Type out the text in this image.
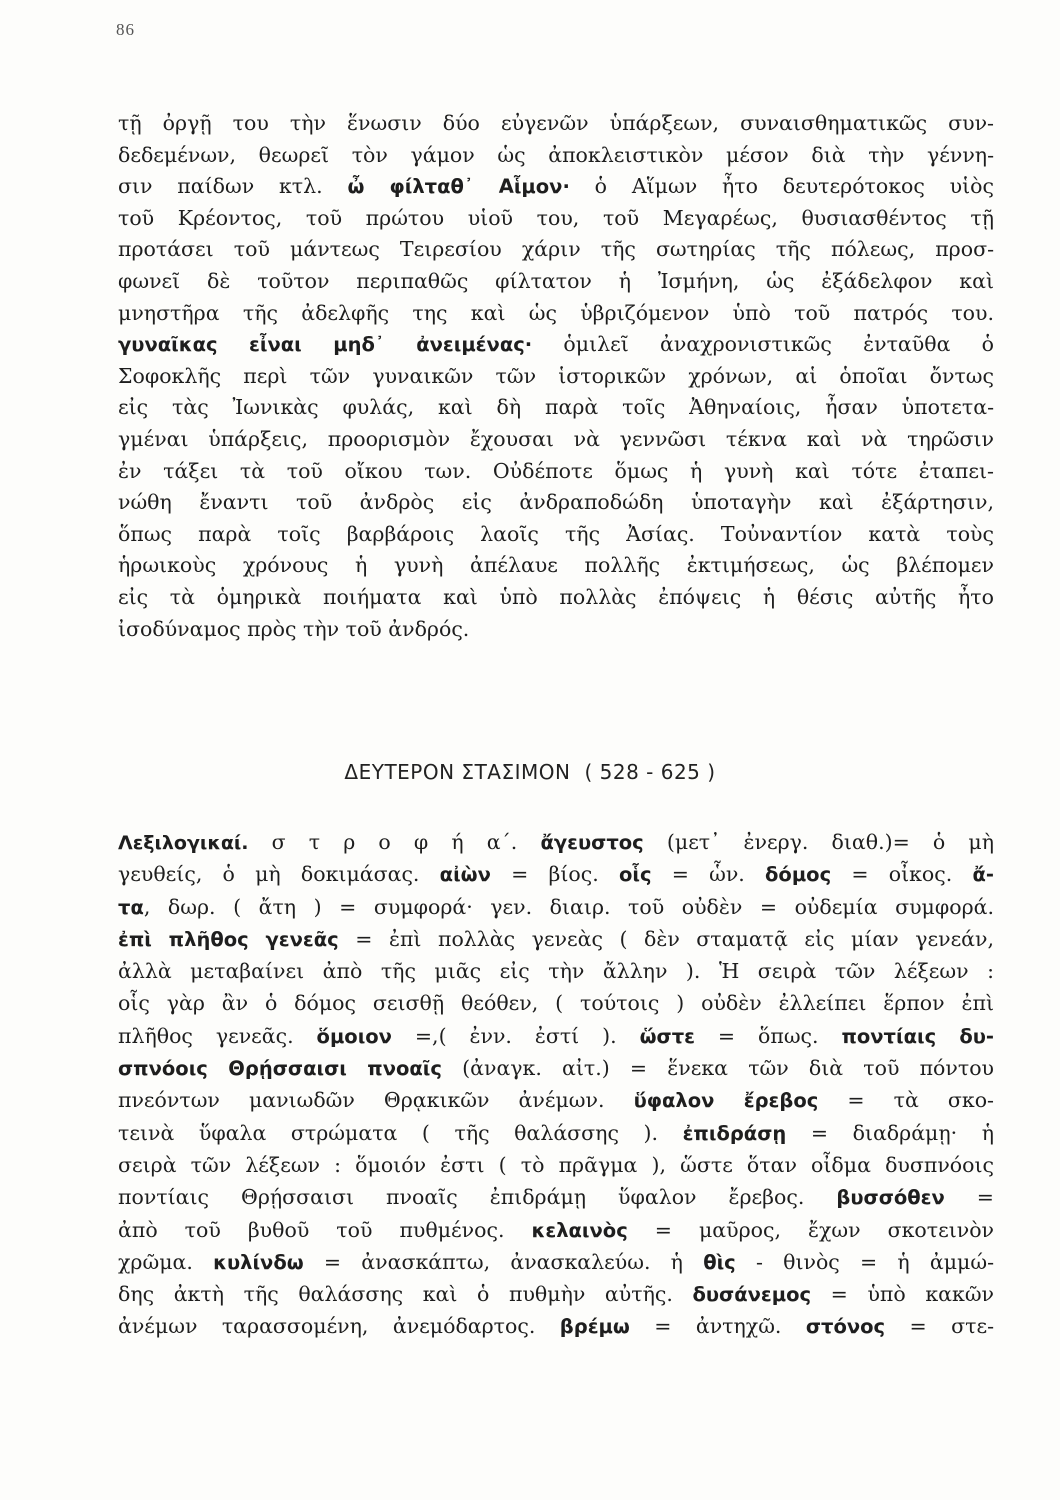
86
τῇ ὀργῇ του τὴν ἕνωσιν δύο εὐγενῶν ὑπάρξεων, συναισθηματικῶς συν-
δεδεμένων, θεωρεῖ τὸν γάμον ὡς ἀποκλειστικὸν μέσον διὰ τὴν γέννη-
σιν παίδων κτλ. ὦ φίλταθ᾽ Αἷμον· ὁ Αἵμων ἦτο δευτερότοκος υἱὸς
τοῦ Κρέοντος, τοῦ πρώτου υἱοῦ του, τοῦ Μεγαρέως, θυσιασθέντος τῇ
προτάσει τοῦ μάντεως Τειρεσίου χάριν τῆς σωτηρίας τῆς πόλεως, προσ-
φωνεῖ δὲ τοῦτον περιπαθῶς φίλτατον ἡ Ἰσμήνη, ὡς ἐξάδελφον καὶ
μνηστῆρα τῆς ἀδελφῆς της καὶ ὡς ὑβριζόμενον ὑπὸ τοῦ πατρός του.
γυναῖκας εἶναι μηδ᾽ ἀνειμένας· ὁμιλεῖ ἀναχρονιστικῶς ἐνταῦθα ὁ
Σοφοκλῆς περὶ τῶν γυναικῶν τῶν ἱστορικῶν χρόνων, αἱ ὁποῖαι ὄντως
εἰς τὰς Ἰωνικὰς φυλάς, καὶ δὴ παρὰ τοῖς Ἀθηναίοις, ἦσαν ὑποτετα-
γμέναι ὑπάρξεις, προορισμὸν ἔχουσαι νὰ γεννῶσι τέκνα καὶ νὰ τηρῶσιν
ἐν τάξει τὰ τοῦ οἴκου των. Οὐδέποτε ὅμως ἡ γυνὴ καὶ τότε ἐταπει-
νώθη ἔναντι τοῦ ἀνδρὸς εἰς ἀνδραποδώδη ὑποταγὴν καὶ ἐξάρτησιν,
ὅπως παρὰ τοῖς βαρβάροις λαοῖς τῆς Ἀσίας. Τοὐναντίον κατὰ τοὺς
ἡρωικοὺς χρόνους ἡ γυνὴ ἀπέλαυε πολλῆς ἐκτιμήσεως, ὡς βλέπομεν
εἰς τὰ ὁμηρικὰ ποιήματα καὶ ὑπὸ πολλὰς ἐπόψεις ἡ θέσις αὐτῆς ἦτο
ἰσοδύναμος πρὸς τὴν τοῦ ἀνδρός.
ΔΕΥΤΕΡΟΝ ΣΤΑΣΙΜΟΝ ( 528 - 625 )
Λεξιλογικαί. σ τ ρ ο φ ή α΄. ἄγευστος (μετ᾽ ἐνεργ. διαθ.)= ὁ μὴ
γευθείς, ὁ μὴ δοκιμάσας. αἰὼν = βίος. οἷς = ὧν. δόμος = οἶκος. ἄ-
τα, δωρ. ( ἄτη ) = συμφορά· γεν. διαιρ. τοῦ οὐδὲν = οὐδεμία συμφορά.
ἐπὶ πλῆθος γενεᾶς = ἐπὶ πολλὰς γενεὰς ( δὲν σταματᾷ εἰς μίαν γενεάν,
ἀλλὰ μεταβαίνει ἀπὸ τῆς μιᾶς εἰς τὴν ἄλλην ). Ἡ σειρὰ τῶν λέξεων :
οἷς γὰρ ἂν ὁ δόμος σεισθῇ θεόθεν, ( τούτοις ) οὐδὲν ἐλλείπει ἕρπον ἐπὶ
πλῆθος γενεᾶς. ὅμοιον =,( ἐνν. ἐστί ). ὥστε = ὅπως. ποντίαις δυ-
σπνόοις Θρῄσσαισι πνοαῖς (ἀναγκ. αἰτ.) = ἕνεκα τῶν διὰ τοῦ πόντου
πνεόντων μανιωδῶν Θρᾳκικῶν ἀνέμων. ὕφαλον ἔρεβος = τὰ σκο-
τεινὰ ὕφαλα στρώματα ( τῆς θαλάσσης ). ἐπιδράσῃ = διαδράμῃ· ἡ
σειρὰ τῶν λέξεων : ὅμοιόν ἐστι ( τὸ πρᾶγμα ), ὥστε ὅταν οἶδμα δυσπνόοις
ποντίαις Θρῄσσαισι πνοαῖς ἐπιδράμῃ ὕφαλον ἔρεβος. βυσσόθεν =
ἀπὸ τοῦ βυθοῦ τοῦ πυθμένος. κελαινὸς = μαῦρος, ἔχων σκοτεινὸν
χρῶμα. κυλίνδω = ἀνασκάπτω, ἀνασκαλεύω. ἡ θὶς - θινὸς = ἡ ἀμμώ-
δης ἀκτὴ τῆς θαλάσσης καὶ ὁ πυθμὴν αὐτῆς. δυσάνεμος = ὑπὸ κακῶν
ἀνέμων ταρασσομένη, ἀνεμόδαρτος. βρέμω = ἀντηχῶ. στόνος = στε-
